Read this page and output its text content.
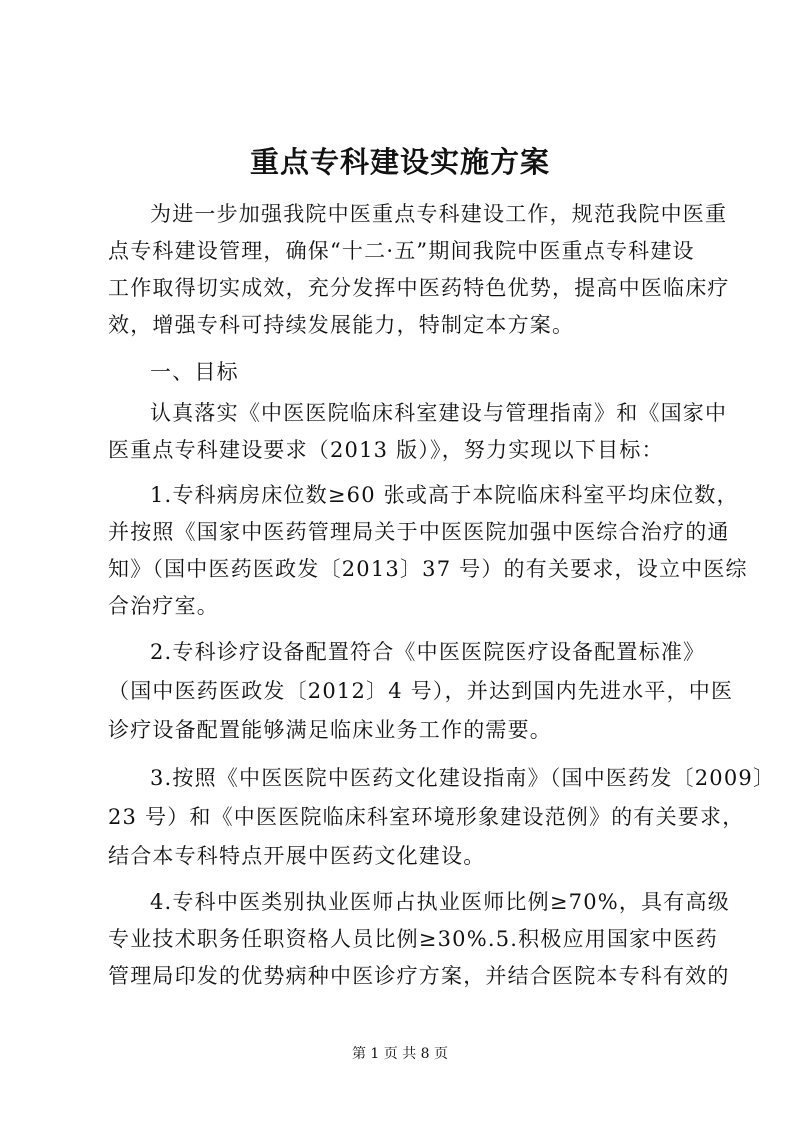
重点专科建设实施方案
为进一步加强我院中医重点专科建设工作，规范我院中医重
点专科建设管理，确保“十二·五”期间我院中医重点专科建设
工作取得切实成效，充分发挥中医药特色优势，提高中医临床疗
效，增强专科可持续发展能力，特制定本方案。
一、目标
认真落实《中医医院临床科室建设与管理指南》和《国家中
医重点专科建设要求（2013 版）》，努力实现以下目标：
1.专科病房床位数≥60 张或高于本院临床科室平均床位数，
并按照《国家中医药管理局关于中医医院加强中医综合治疗的通
知》（国中医药医政发〔2013〕37 号）的有关要求，设立中医综
合治疗室。
2.专科诊疗设备配置符合《中医医院医疗设备配置标准》
（国中医药医政发〔2012〕4 号），并达到国内先进水平，中医
诊疗设备配置能够满足临床业务工作的需要。
3.按照《中医医院中医药文化建设指南》（国中医药发〔2009〕
23 号）和《中医医院临床科室环境形象建设范例》的有关要求，
结合本专科特点开展中医药文化建设。
4.专科中医类别执业医师占执业医师比例≥70%，具有高级
专业技术职务任职资格人员比例≥30%.5.积极应用国家中医药
管理局印发的优势病种中医诊疗方案，并结合医院本专科有效的
第 1 页 共 8 页
